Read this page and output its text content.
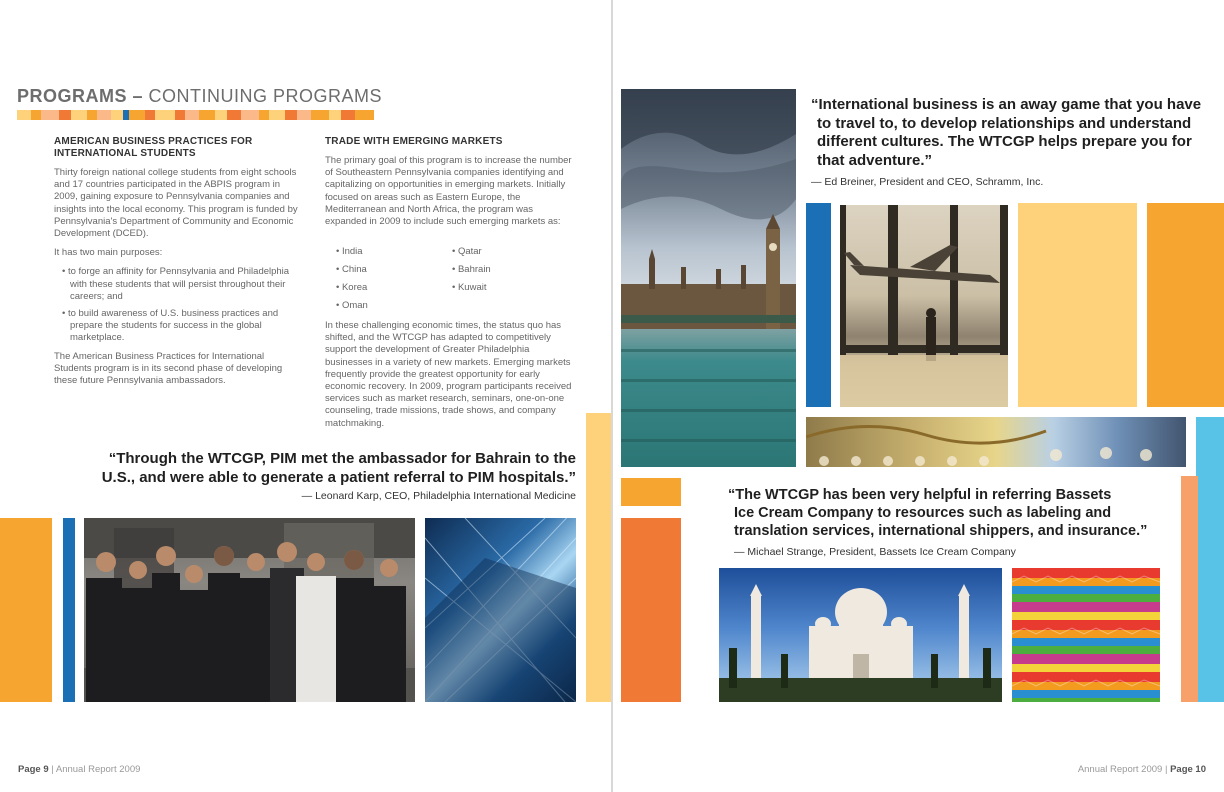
PROGRAMS – CONTINUING PROGRAMS
AMERICAN BUSINESS PRACTICES FOR
INTERNATIONAL STUDENTS

Thirty foreign national college students from eight schools and 17 countries participated in the ABPIS program in 2009, gaining exposure to Pennsylvania companies and insights into the local economy. This program is funded by Pennsylvania's Department of Community and Economic Development (DCED).

It has two main purposes:

• to forge an affinity for Pennsylvania and Philadelphia with these students that will persist throughout their careers; and
• to build awareness of U.S. business practices and prepare the students for success in the global marketplace.

The American Business Practices for International Students program is in its second phase of developing these future Pennsylvania ambassadors.

TRADE WITH EMERGING MARKETS

The primary goal of this program is to increase the number of Southeastern Pennsylvania companies identifying and capitalizing on opportunities in emerging markets. Initially focused on areas such as Eastern Europe, the Mediterranean and North Africa, the program was expanded in 2009 to include such emerging markets as:

• India
• China
• Korea
• Oman
• Qatar
• Bahrain
• Kuwait
In these challenging economic times, the status quo has shifted, and the WTCGP has adapted to competitively support the development of Greater Philadelphia businesses in a variety of new markets. Emerging markets frequently provide the greatest opportunity for early economic recovery. In 2009, program participants received services such as market research, seminars, one-on-one counseling, trade missions, trade shows, and company matchmaking.
“Through the WTCGP, PIM met the ambassador for Bahrain to the
U.S., and were able to generate a patient referral to PIM hospitals.”
— Leonard Karp, CEO, Philadelphia International Medicine
Page 9 | Annual Report 2009
“International business is an away game that you have
to travel to, to develop relationships and understand
different cultures. The WTCGP helps prepare you for
that adventure.”
— Ed Breiner, President and CEO, Schramm, Inc.
“The WTCGP has been very helpful in referring Bassets
Ice Cream Company to resources such as labeling and
translation services, international shippers, and insurance.”
— Michael Strange, President, Bassets Ice Cream Company
Annual Report 2009 | Page 10
